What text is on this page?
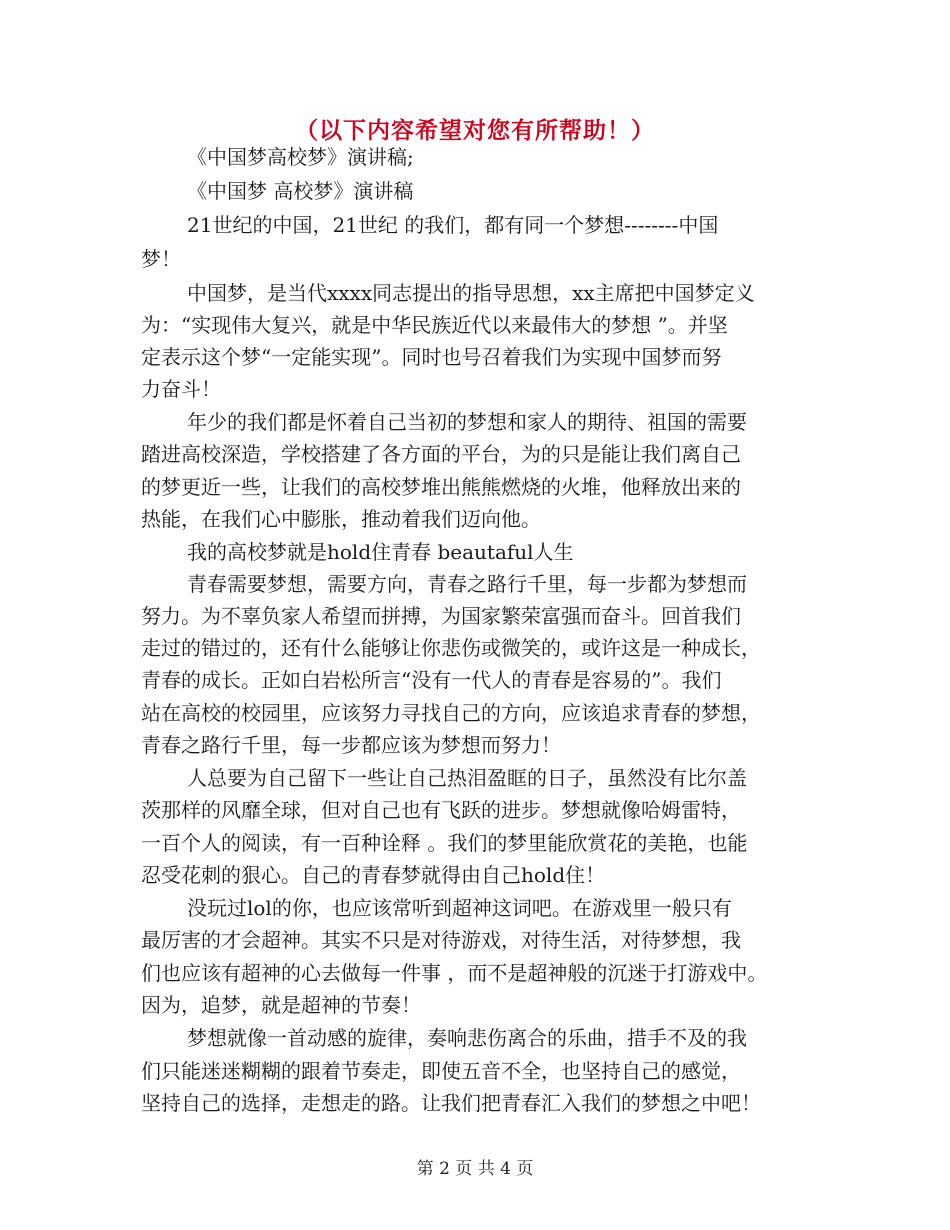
（以下内容希望对您有所帮助！）
《中国梦高校梦》演讲稿;
《中国梦 高校梦》演讲稿
21世纪的中国，21世纪 的我们，都有同一个梦想--------中国
梦！
中国梦，是当代xxxx同志提出的指导思想，xx主席把中国梦定义
为：“实现伟大复兴，就是中华民族近代以来最伟大的梦想 ”。并坚
定表示这个梦“一定能实现”。同时也号召着我们为实现中国梦而努
力奋斗！
年少的我们都是怀着自己当初的梦想和家人的期待、祖国的需要
踏进高校深造，学校搭建了各方面的平台，为的只是能让我们离自己
的梦更近一些，让我们的高校梦堆出熊熊燃烧的火堆，他释放出来的
热能，在我们心中膨胀，推动着我们迈向他。
我的高校梦就是hold住青春 beautaful人生
青春需要梦想，需要方向，青春之路行千里，每一步都为梦想而
努力。为不辜负家人希望而拼搏，为国家繁荣富强而奋斗。回首我们
走过的错过的，还有什么能够让你悲伤或微笑的，或许这是一种成长，
青春的成长。正如白岩松所言“没有一代人的青春是容易的”。我们
站在高校的校园里，应该努力寻找自己的方向，应该追求青春的梦想，
青春之路行千里，每一步都应该为梦想而努力！
人总要为自己留下一些让自己热泪盈眶的日子，虽然没有比尔盖
茨那样的风靡全球，但对自己也有飞跃的进步。梦想就像哈姆雷特，
一百个人的阅读，有一百种诠释 。我们的梦里能欣赏花的美艳，也能
忍受花刺的狠心。自己的青春梦就得由自己hold住！
没玩过lol的你，也应该常听到超神这词吧。在游戏里一般只有
最厉害的才会超神。其实不只是对待游戏，对待生活，对待梦想，我
们也应该有超神的心去做每一件事 ，而不是超神般的沉迷于打游戏中。
因为，追梦，就是超神的节奏！
梦想就像一首动感的旋律，奏响悲伤离合的乐曲，措手不及的我
们只能迷迷糊糊的跟着节奏走，即使五音不全，也坚持自己的感觉，
坚持自己的选择，走想走的路。让我们把青春汇入我们的梦想之中吧！
第 2 页 共 4 页
